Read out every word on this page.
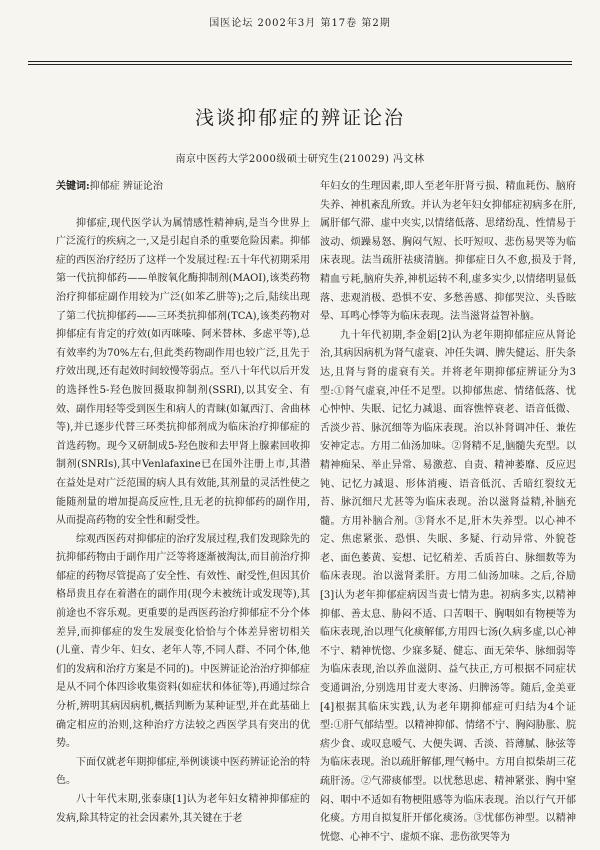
国医论坛 2002年3月 第17卷 第2期
浅谈抑郁症的辨证论治
南京中医药大学2000级硕士研究生(210029) 冯文林

关键词:抑郁症 辨证论治

抑郁症,现代医学认为属情感性精神病,是当今世界上广泛流行的疾病之一,又是引起自杀的重要危险因素。抑郁症的西医治疗经历了这样一个发展过程:五十年代初期采用第一代抗抑郁药——单胺氧化酶抑制剂(MAOI),该类药物治疗抑郁症副作用较为广泛(如苯乙肼等);之后,陆续出现了第二代抗抑郁药——三环类抗抑郁剂(TCA),该类药物对抑郁症有肯定的疗效(如丙咪嗪、阿米替林、多虑平等),总有效率约为70%左右,但此类药物副作用也较广泛,且先于疗效出现,还有起效时间较慢等弱点。至八十年代以后开发的选择性5-羟色胺回摄取抑制剂(SSRI),以其安全、有效、副作用轻等受到医生和病人的青睐(如氟西汀、舍曲林等),并已逐步代替三环类抗抑郁剂成为临床治疗抑郁症的首选药物。现今又研制成5-羟色胺和去甲肾上腺素回收抑制剂(SNRIs),其中Venlafaxine已在国外注册上市,其潜在益处是对广泛范围的病人具有效能,其剂量的灵活性使之能随剂量的增加提高反应性,且无老的抗抑郁药的副作用,从而提高药物的安全性和耐受性。

综观西医药对抑郁症的治疗发展过程,我们发现除先的抗抑郁药物由于副作用广泛等将逐渐被淘汰,而目前治疗抑郁症的药物尽管提高了安全性、有效性、耐受性,但因其价格昂贵且存在着潜在的副作用(现今未被统计或发现等),其前途也不容乐观。更重要的是西医药治疗抑郁症不分个体差异,而抑郁症的发生发展变化恰恰与个体差异密切相关(儿童、青少年、妇女、老年人等,不同人群、不同个体,他们的发病和治疗方案是不同的)。中医辨证论治治疗抑郁症是从不同个体四诊收集资料(如症状和体征等),再通过综合分析,辨明其病因病机,概括判断为某种证型,并在此基础上确定相应的治则,这种治疗方法较之西医学具有突出的优势。

下面仅就老年期抑郁症,举例谈谈中医药辨证论治的特色。

八十年代末期,张泰康[1]认为老年妇女精神抑郁症的发病,除其特定的社会因素外,其关键在于老

年妇女的生理因素,即人至老年肝肾亏损、精血耗伤、脑府失养、神机紊乱所致。并认为老年妇女抑郁症初病多在肝,属肝郁气滞、虚中夹实,以情绪低落、思绪纷乱、性情易于波动、烦躁易怒、胸闷气短、长吁短叹、悲伤易哭等为临床表现。法当疏肝祛痰清脑。抑郁症日久不愈,损及于肾,精血亏耗,脑府失养,神机运转不利,虚多实少,以情绪明显低落、悲观消极、恐惧不安、多愁善感、抑郁哭泣、头昏眩晕、耳鸣心悸等为临床表现。法当滋肾益智补脑。

九十年代初期,李金娟[2]认为老年期抑郁症应从肾论治,其病因病机为肾气虚衰、冲任失调、脾失健运、肝失条达,且肾与肾的虚衰有关。并将老年期抑郁症辨证分为3型:①肾气虚衰,冲任不足型。以抑郁焦虑、情绪低落、忧心忡忡、失眠、记忆力减退、面容憔悴衰老、语音低微、舌淡少苔、脉沉细等为临床表现。治以补肾调冲任、兼佐安神定志。方用二仙汤加味。②肾精不足,脑髓失充型。以精神痴呆、举止异常、易激惹、自责、精神萎靡、反应迟钝、记忆力减退、形体消瘦、语音低沉、舌暗红裂纹无苔、脉沉细尺尤甚等为临床表现。治以滋肾益精,补脑充髓。方用补脑合剂。③肾水不足,肝木失养型。以心神不定、焦虑紧张、恐惧、失眠、多疑、行动异常、外貌苍老、面色萎黄、妄想、记忆稍差、舌质苔白、脉细数等为临床表现。治以滋肾柔肝。方用二仙汤加味。之后,谷励[3]认为老年抑郁症病因当责七情为患。初病多实,以精神抑郁、善太息、胁闷不适、口苦咽干、胸咽如有物梗等为临床表现,治以理气化痰解郁,方用四七汤(久病多虚,以心神不宁、精神恍惚、少寐多疑、健忘、面无荣华、脉细弱等为临床表现,治以养血滋阴、益气扶正,方可根据不同症状变通调治,分别选用甘麦大枣汤、归脾汤等。随后,金美亚[4]根据其临床实践,认为老年期抑郁症可归结为4个证型:①肝气郁结型。以精神抑郁、情绪不宁、胸闷胁胀、脘痞少食、或叹息嗳气、大便失调、舌淡、苔薄腻、脉弦等为临床表现。治以疏肝解郁,理气畅中。方用自拟柴胡三花疏肝汤。②气滞痰郁型。以忧愁思虑、精神紧张、胸中窒闷、咽中不适如有物梗阻感等为临床表现。治以行气开郁化痰。方用自拟复肝开郁化痰汤。③忧郁伤神型。以精神恍惚、心神不宁、虚烦不寐、悲伤欲哭等为
